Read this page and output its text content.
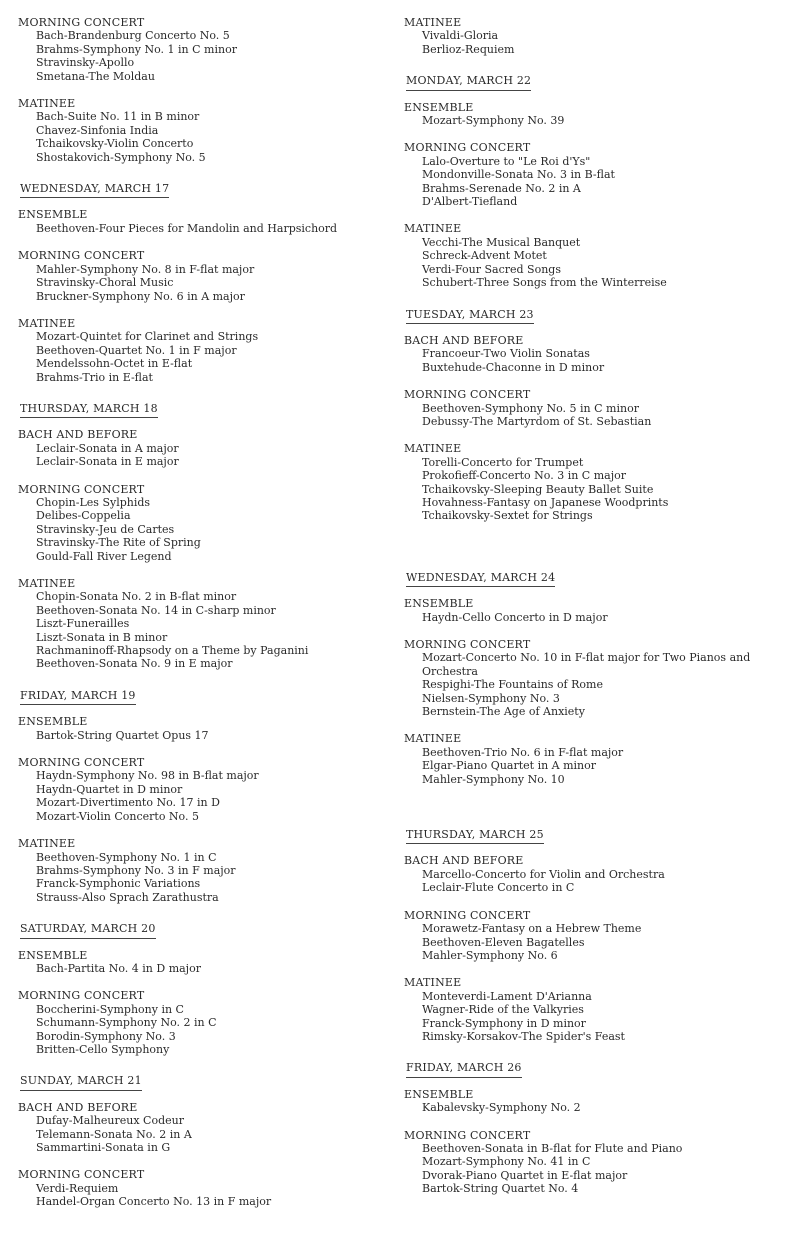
MORNING CONCERT
Bach-Brandenburg Concerto No. 5
Brahms-Symphony No. 1 in C minor
Stravinsky-Apollo
Smetana-The Moldau
MATINEE
Bach-Suite No. 11 in B minor
Chavez-Sinfonia India
Tchaikovsky-Violin Concerto
Shostakovich-Symphony No. 5
WEDNESDAY, MARCH 17
ENSEMBLE
Beethoven-Four Pieces for Mandolin and Harpsichord
MORNING CONCERT
Mahler-Symphony No. 8 in F-flat major
Stravinsky-Choral Music
Bruckner-Symphony No. 6 in A major
MATINEE
Mozart-Quintet for Clarinet and Strings
Beethoven-Quartet No. 1 in F major
Mendelssohn-Octet in E-flat
Brahms-Trio in E-flat
THURSDAY, MARCH 18
BACH AND BEFORE
Leclair-Sonata in A major
Leclair-Sonata in E major
MORNING CONCERT
Chopin-Les Sylphids
Delibes-Coppelia
Stravinsky-Jeu de Cartes
Stravinsky-The Rite of Spring
Gould-Fall River Legend
MATINEE
Chopin-Sonata No. 2 in B-flat minor
Beethoven-Sonata No. 14 in C-sharp minor
Liszt-Funerailles
Liszt-Sonata in B minor
Rachmaninoff-Rhapsody on a Theme by Paganini
Beethoven-Sonata No. 9 in E major
FRIDAY, MARCH 19
ENSEMBLE
Bartok-String Quartet Opus 17
MORNING CONCERT
Haydn-Symphony No. 98 in B-flat major
Haydn-Quartet in D minor
Mozart-Divertimento No. 17 in D
Mozart-Violin Concerto No. 5
MATINEE
Beethoven-Symphony No. 1 in C
Brahms-Symphony No. 3 in F major
Franck-Symphonic Variations
Strauss-Also Sprach Zarathustra
SATURDAY, MARCH 20
ENSEMBLE
Bach-Partita No. 4 in D major
MORNING CONCERT
Boccherini-Symphony in C
Schumann-Symphony No. 2 in C
Borodin-Symphony No. 3
Britten-Cello Symphony
SUNDAY, MARCH 21
BACH AND BEFORE
Dufay-Malheureux Codeur
Telemann-Sonata No. 2 in A
Sammartini-Sonata in G
MORNING CONCERT
Verdi-Requiem
Handel-Organ Concerto No. 13 in F major
MATINEE
Vivaldi-Gloria
Berlioz-Requiem
MONDAY, MARCH 22
ENSEMBLE
Mozart-Symphony No. 39
MORNING CONCERT
Lalo-Overture to "Le Roi d'Ys"
Mondonville-Sonata No. 3 in B-flat
Brahms-Serenade No. 2 in A
D'Albert-Tiefland
MATINEE
Vecchi-The Musical Banquet
Schreck-Advent Motet
Verdi-Four Sacred Songs
Schubert-Three Songs from the Winterreise
TUESDAY, MARCH 23
BACH AND BEFORE
Francoeur-Two Violin Sonatas
Buxtehude-Chaconne in D minor
MORNING CONCERT
Beethoven-Symphony No. 5 in C minor
Debussy-The Martyrdom of St. Sebastian
MATINEE
Torelli-Concerto for Trumpet
Prokofieff-Concerto No. 3 in C major
Tchaikovsky-Sleeping Beauty Ballet Suite
Hovahness-Fantasy on Japanese Woodprints
Tchaikovsky-Sextet for Strings
WEDNESDAY, MARCH 24
ENSEMBLE
Haydn-Cello Concerto in D major
MORNING CONCERT
Mozart-Concerto No. 10 in F-flat major for Two Pianos and Orchestra
Respighi-The Fountains of Rome
Nielsen-Symphony No. 3
Bernstein-The Age of Anxiety
MATINEE
Beethoven-Trio No. 6 in F-flat major
Elgar-Piano Quartet in A minor
Mahler-Symphony No. 10
THURSDAY, MARCH 25
BACH AND BEFORE
Marcello-Concerto for Violin and Orchestra
Leclair-Flute Concerto in C
MORNING CONCERT
Morawetz-Fantasy on a Hebrew Theme
Beethoven-Eleven Bagatelles
Mahler-Symphony No. 6
MATINEE
Monteverdi-Lament D'Arianna
Wagner-Ride of the Valkyries
Franck-Symphony in D minor
Rimsky-Korsakov-The Spider's Feast
FRIDAY, MARCH 26
ENSEMBLE
Kabalevsky-Symphony No. 2
MORNING CONCERT
Beethoven-Sonata in B-flat for Flute and Piano
Mozart-Symphony No. 41 in C
Dvorak-Piano Quartet in E-flat major
Bartok-String Quartet No. 4
